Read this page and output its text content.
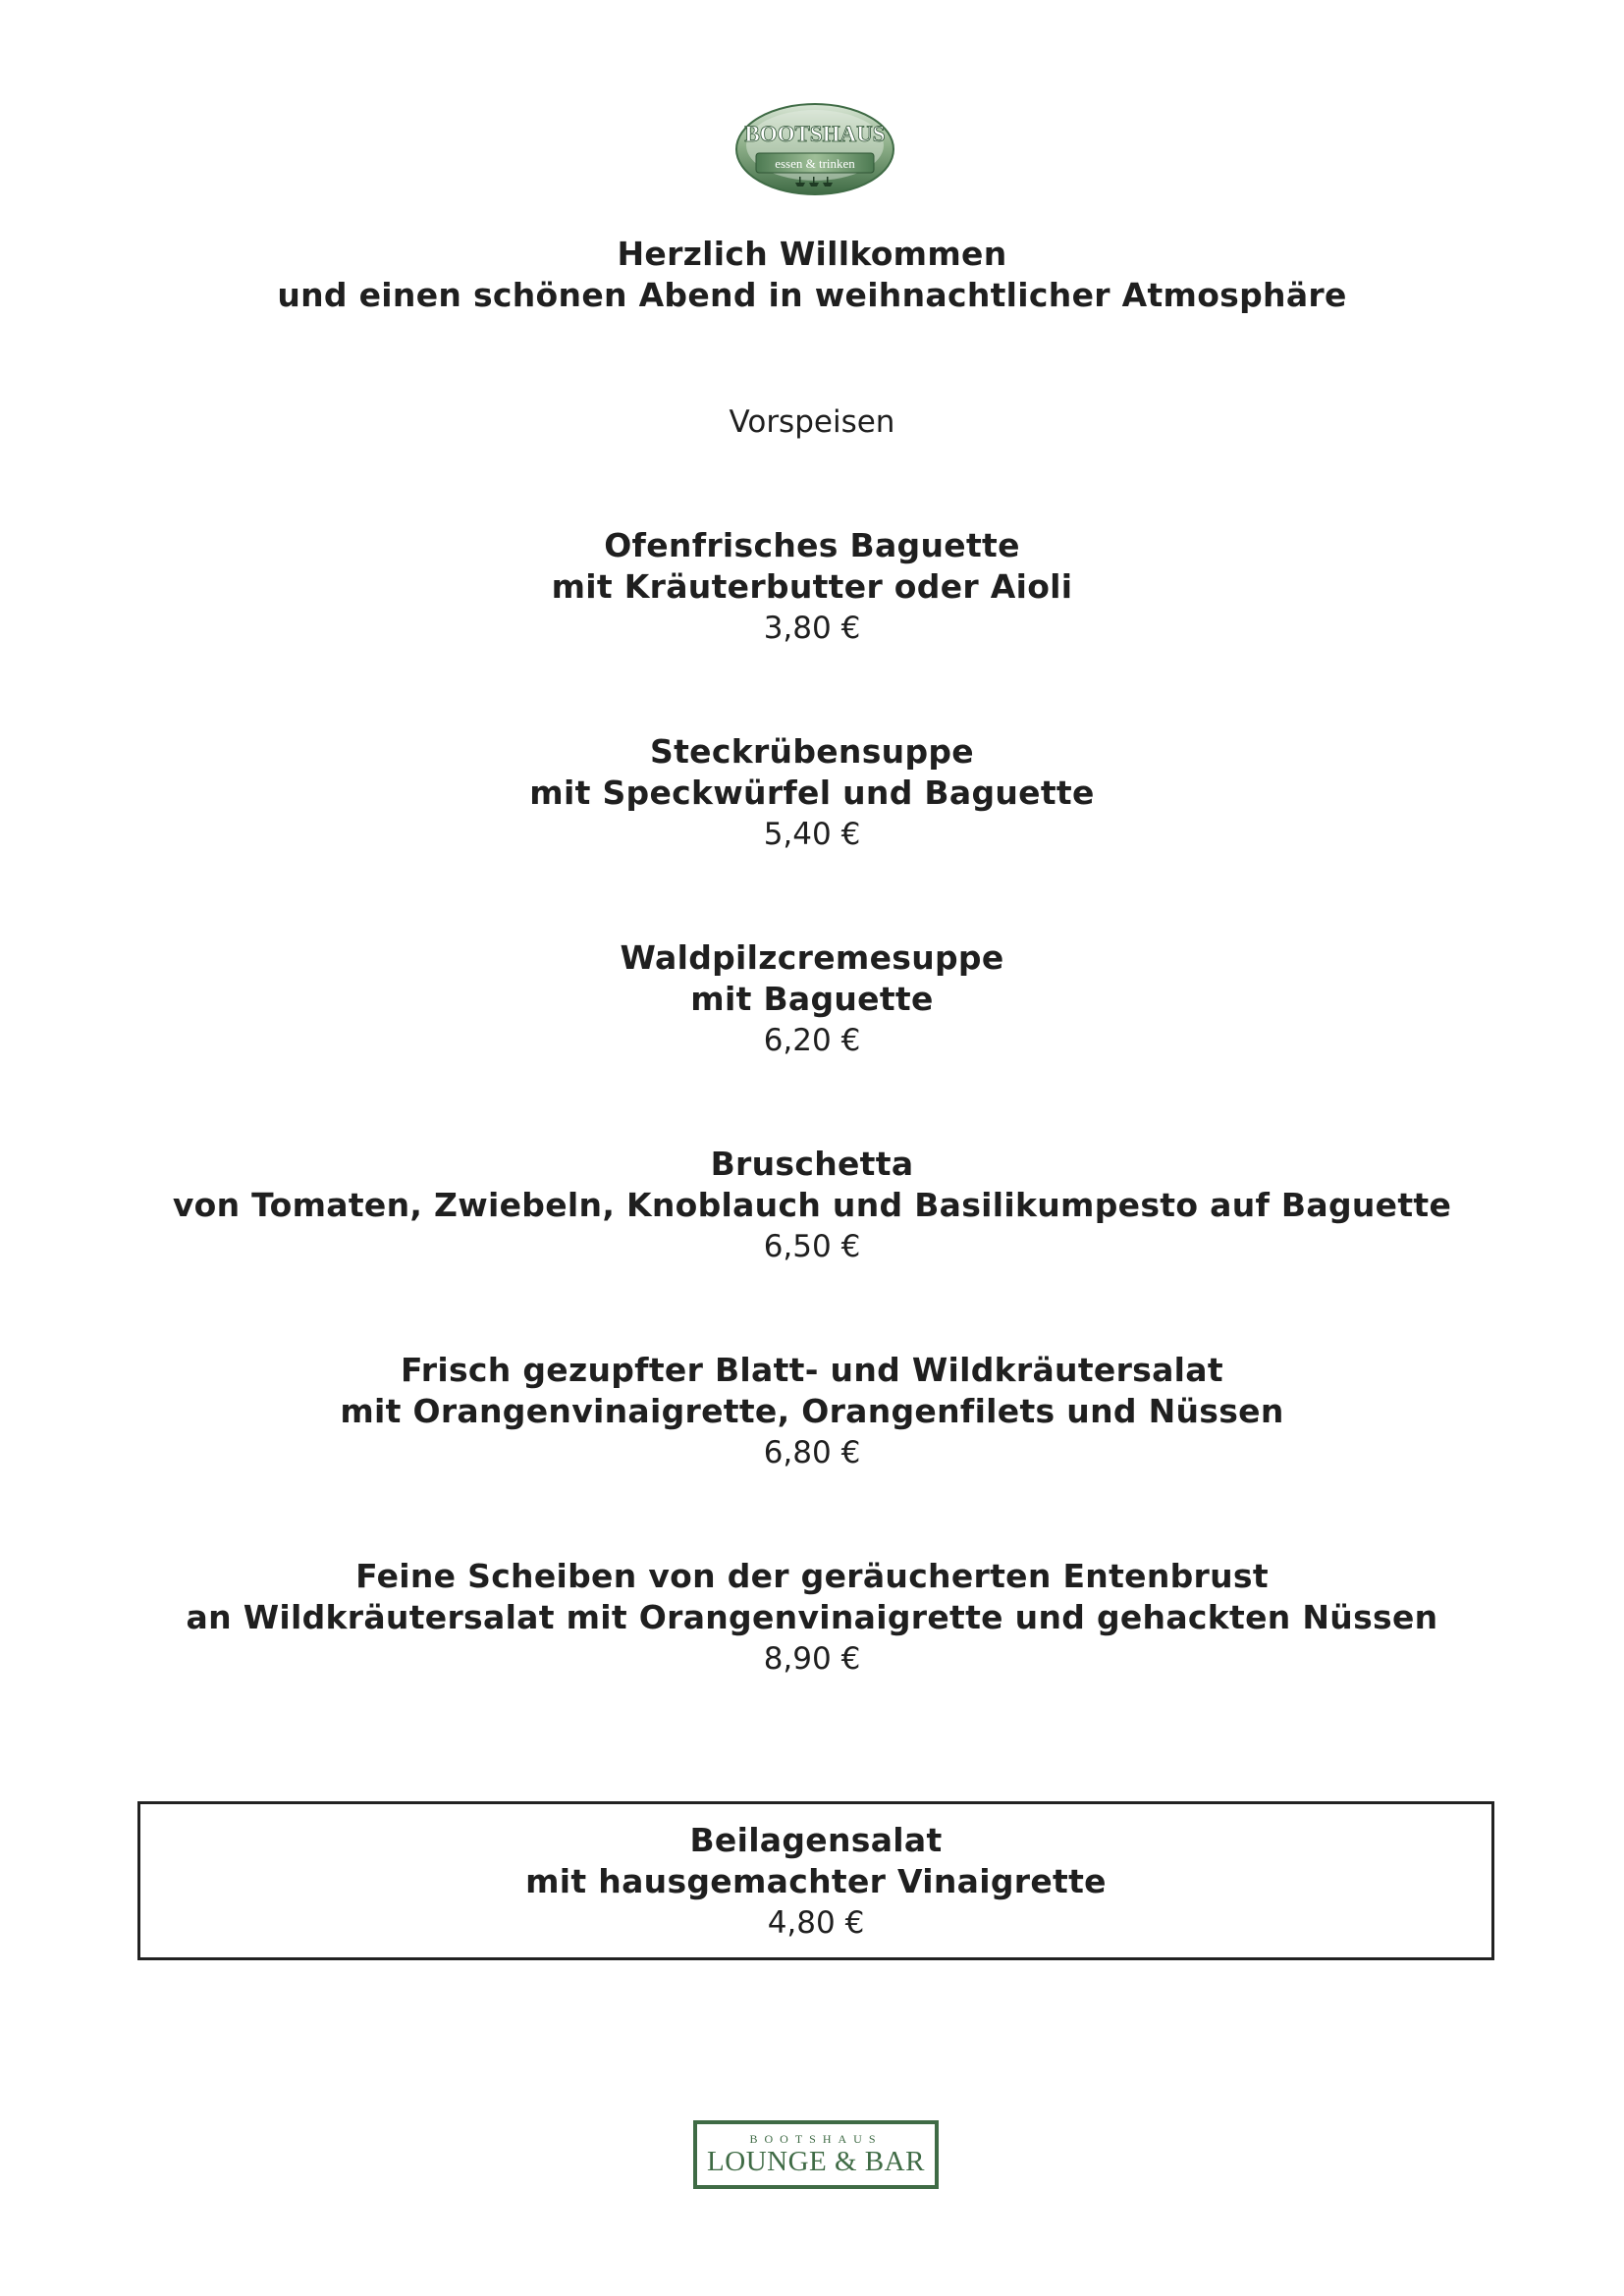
BOOTSHAUS
essen & trinken
Herzlich Willkommen
und einen schönen Abend in weihnachtlicher Atmosphäre
Vorspeisen
Ofenfrisches Baguette
mit Kräuterbutter oder Aioli
3,80 €
Steckrübensuppe
mit Speckwürfel und Baguette
5,40 €
Waldpilzcremesuppe
mit Baguette
6,20 €
Bruschetta
von Tomaten, Zwiebeln, Knoblauch und Basilikumpesto auf Baguette
6,50 €
Frisch gezupfter Blatt- und Wildkräutersalat
mit Orangenvinaigrette, Orangenfilets und Nüssen
6,80 €
Feine Scheiben von der geräucherten Entenbrust
an Wildkräutersalat mit Orangenvinaigrette und gehackten Nüssen
8,90 €
Beilagensalat
mit hausgemachter Vinaigrette
4,80 €
BOOTSHAUS
LOUNGE & BAR
